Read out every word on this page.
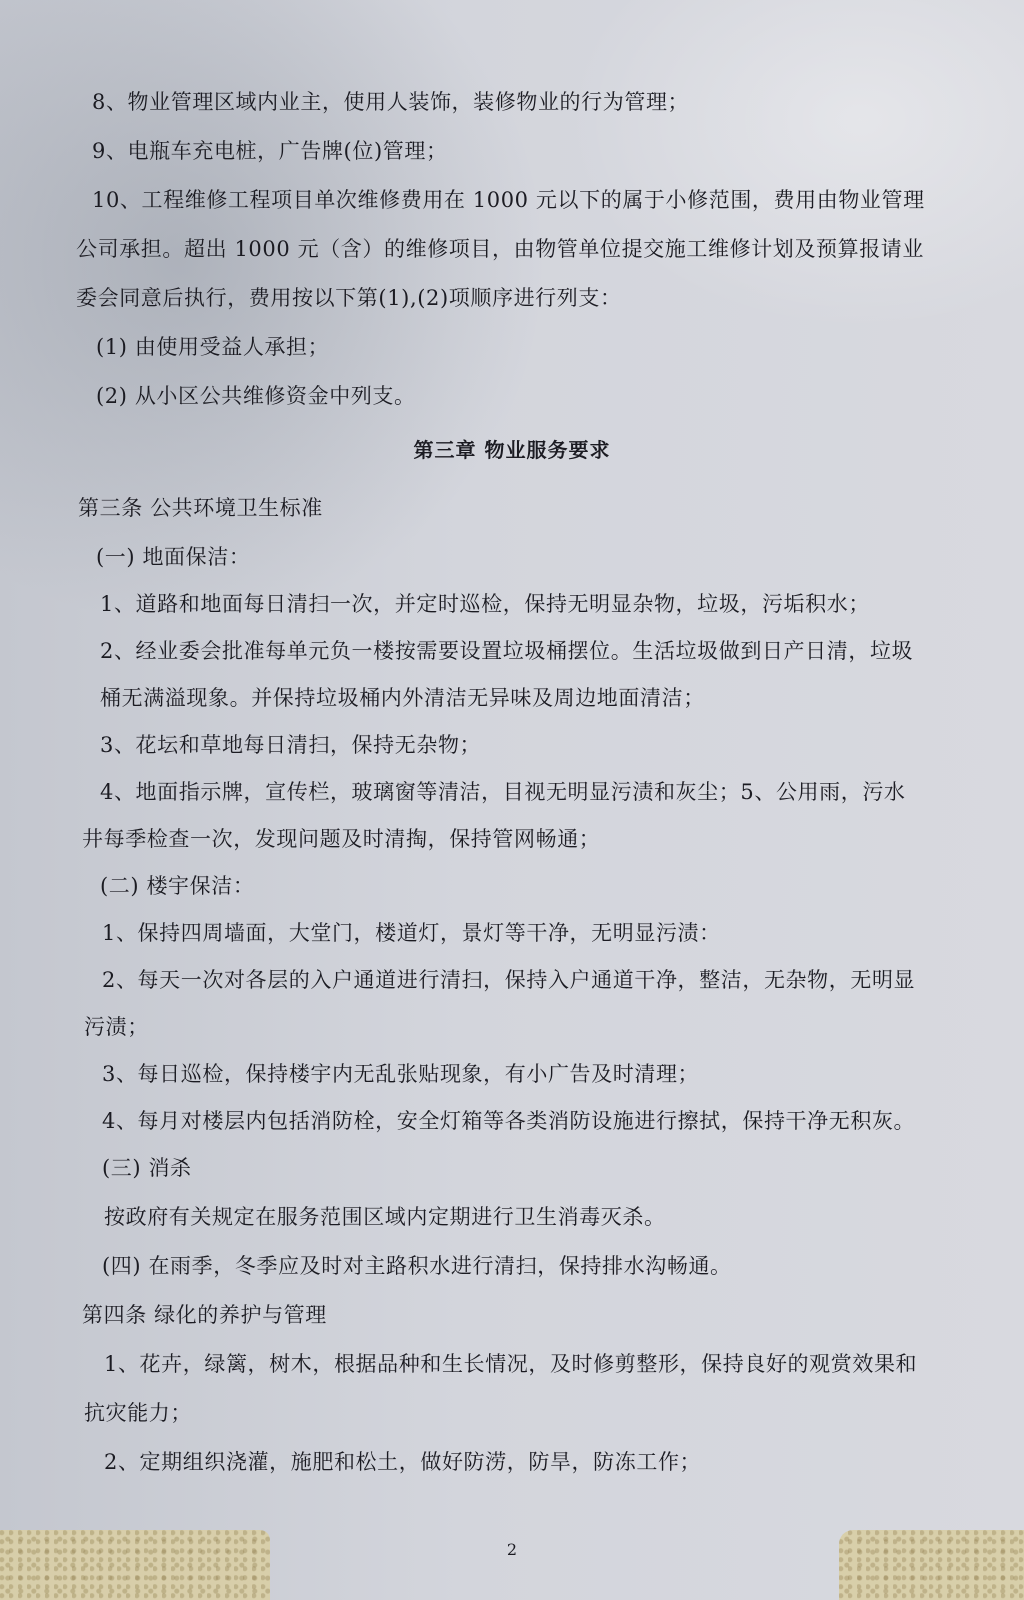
8、物业管理区域内业主，使用人装饰，装修物业的行为管理；
9、电瓶车充电桩，广告牌(位)管理；
10、工程维修工程项目单次维修费用在 1000 元以下的属于小修范围，费用由物业管理
公司承担。超出 1000 元（含）的维修项目，由物管单位提交施工维修计划及预算报请业
委会同意后执行，费用按以下第(1),(2)项顺序进行列支：
(1) 由使用受益人承担；
(2) 从小区公共维修资金中列支。
第三章 物业服务要求
第三条 公共环境卫生标准
(一) 地面保洁：
1、道路和地面每日清扫一次，并定时巡检，保持无明显杂物，垃圾，污垢积水；
2、经业委会批准每单元负一楼按需要设置垃圾桶摆位。生活垃圾做到日产日清，垃圾
桶无满溢现象。并保持垃圾桶内外清洁无异味及周边地面清洁；
3、花坛和草地每日清扫，保持无杂物；
4、地面指示牌，宣传栏，玻璃窗等清洁，目视无明显污渍和灰尘；5、公用雨，污水
井每季检查一次，发现问题及时清掏，保持管网畅通；
(二) 楼宇保洁：
1、保持四周墙面，大堂门，楼道灯，景灯等干净，无明显污渍：
2、每天一次对各层的入户通道进行清扫，保持入户通道干净，整洁，无杂物，无明显
污渍；
3、每日巡检，保持楼宇内无乱张贴现象，有小广告及时清理；
4、每月对楼层内包括消防栓，安全灯箱等各类消防设施进行擦拭，保持干净无积灰。
(三) 消杀
按政府有关规定在服务范围区域内定期进行卫生消毒灭杀。
(四) 在雨季，冬季应及时对主路积水进行清扫，保持排水沟畅通。
第四条 绿化的养护与管理
1、花卉，绿篱，树木，根据品种和生长情况，及时修剪整形，保持良好的观赏效果和
抗灾能力；
2、定期组织浇灌，施肥和松土，做好防涝，防旱，防冻工作；
2
